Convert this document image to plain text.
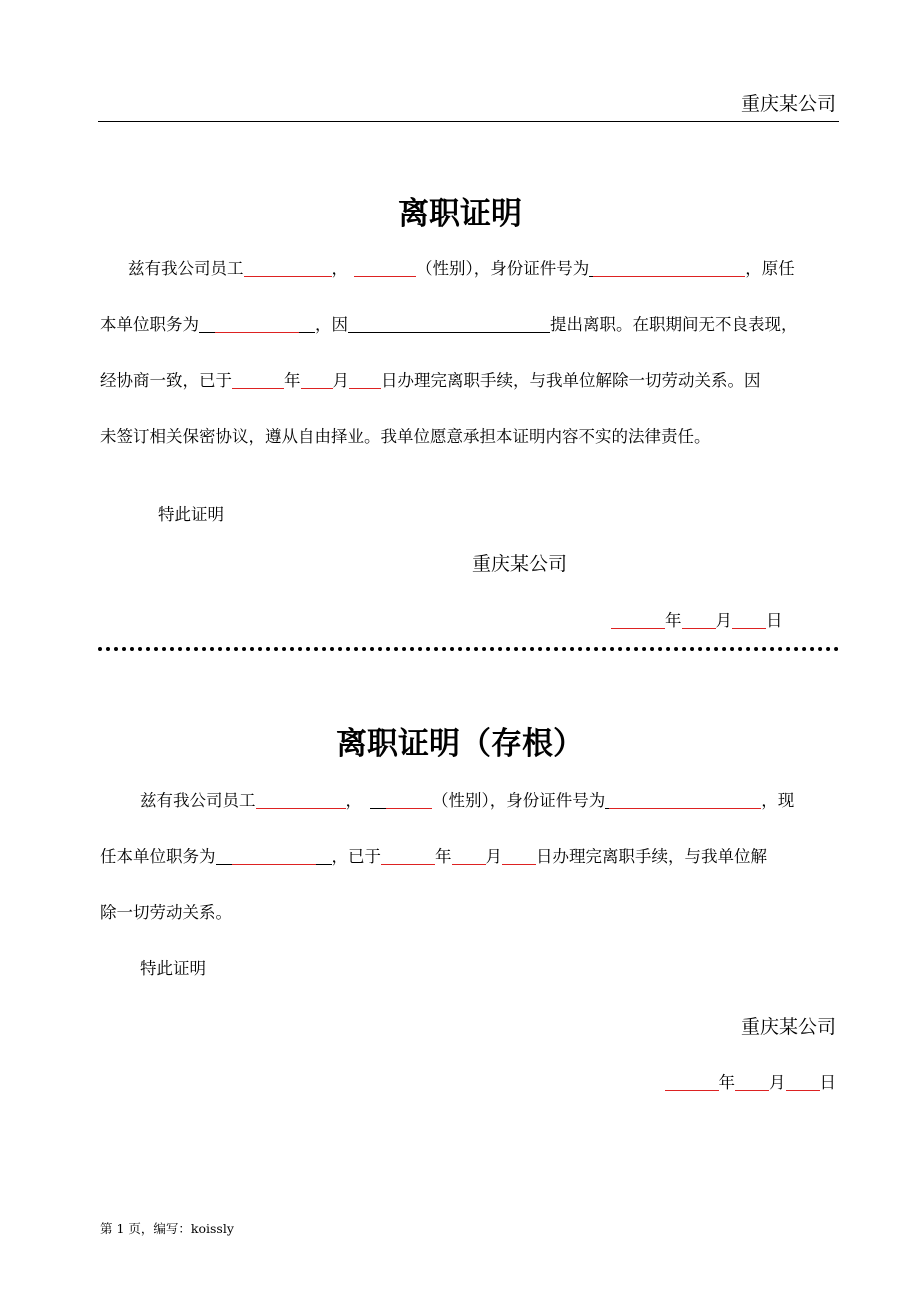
重庆某公司
离职证明
兹有我公司员工	，	（性别），身份证件号为	，原任
本单位职务为	，因	提出离职。在职期间无不良表现，
经协商一致，已于	年 月 日办理完离职手续，与我单位解除一切劳动关系。因
未签订相关保密协议，遵从自由择业。我单位愿意承担本证明内容不实的法律责任。
特此证明
重庆某公司
年 月 日
离职证明（存根）
兹有我公司员工	，	（性别），身份证件号为	，现
任本单位职务为	，已于	年 月 日办理完离职手续，与我单位解
除一切劳动关系。
特此证明
重庆某公司
年 月 日
第 1 页，编写：koissly
